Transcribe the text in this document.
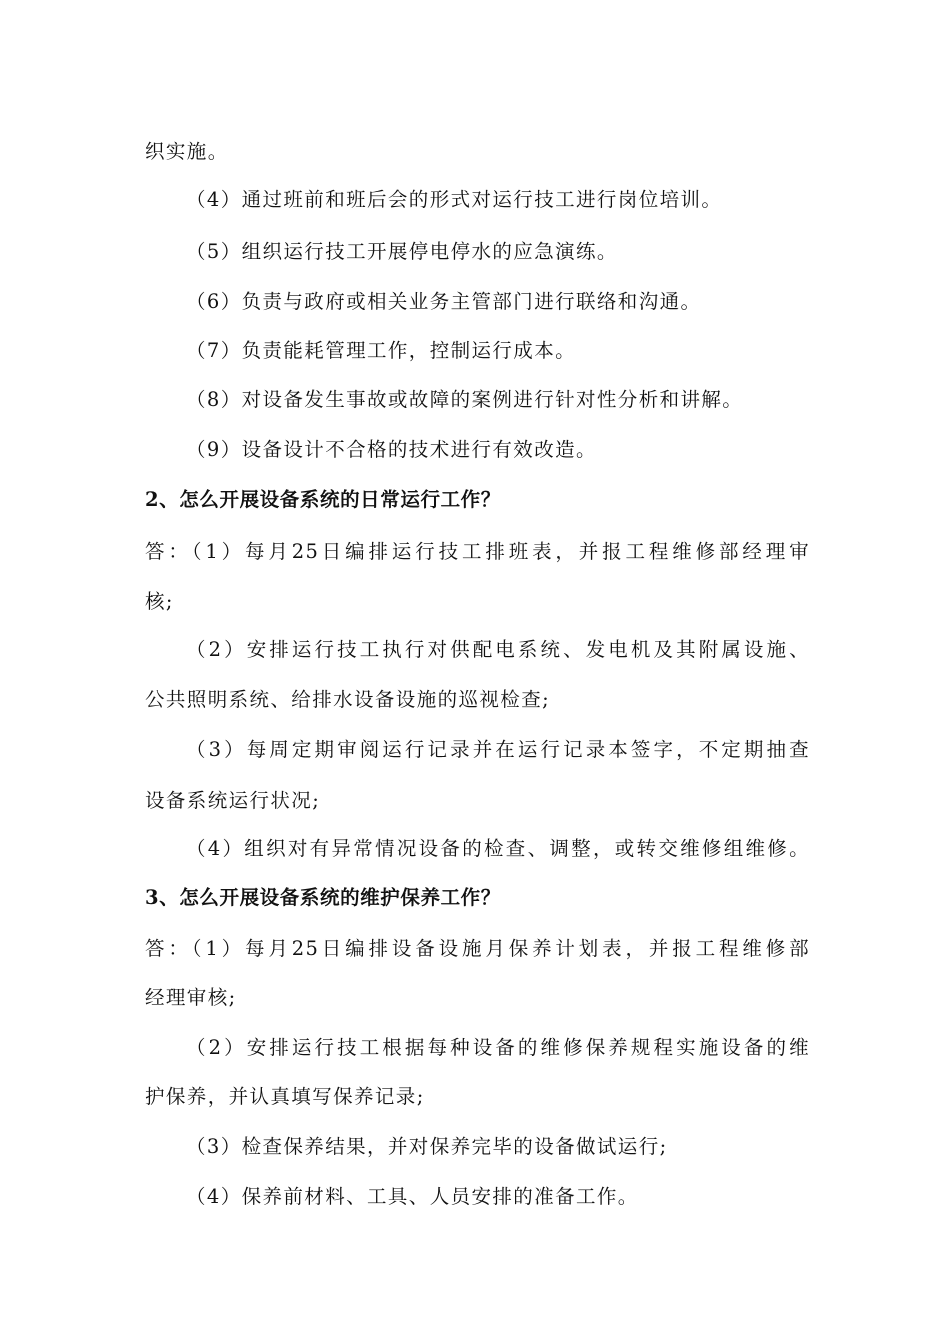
织实施。
（4）通过班前和班后会的形式对运行技工进行岗位培训。
（5）组织运行技工开展停电停水的应急演练。
（6）负责与政府或相关业务主管部门进行联络和沟通。
（7）负责能耗管理工作，控制运行成本。
（8）对设备发生事故或故障的案例进行针对性分析和讲解。
（9）设备设计不合格的技术进行有效改造。
2、怎么开展设备系统的日常运行工作？
答：（1）每月25日编排运行技工排班表，并报工程维修部经理审
核;
（2）安排运行技工执行对供配电系统、发电机及其附属设施、
公共照明系统、给排水设备设施的巡视检查;
（3）每周定期审阅运行记录并在运行记录本签字，不定期抽查
设备系统运行状况;
（4）组织对有异常情况设备的检查、调整，或转交维修组维修。
3、怎么开展设备系统的维护保养工作？
答：（1）每月25日编排设备设施月保养计划表，并报工程维修部
经理审核;
（2）安排运行技工根据每种设备的维修保养规程实施设备的维
护保养，并认真填写保养记录;
（3）检查保养结果，并对保养完毕的设备做试运行;
（4）保养前材料、工具、人员安排的准备工作。
